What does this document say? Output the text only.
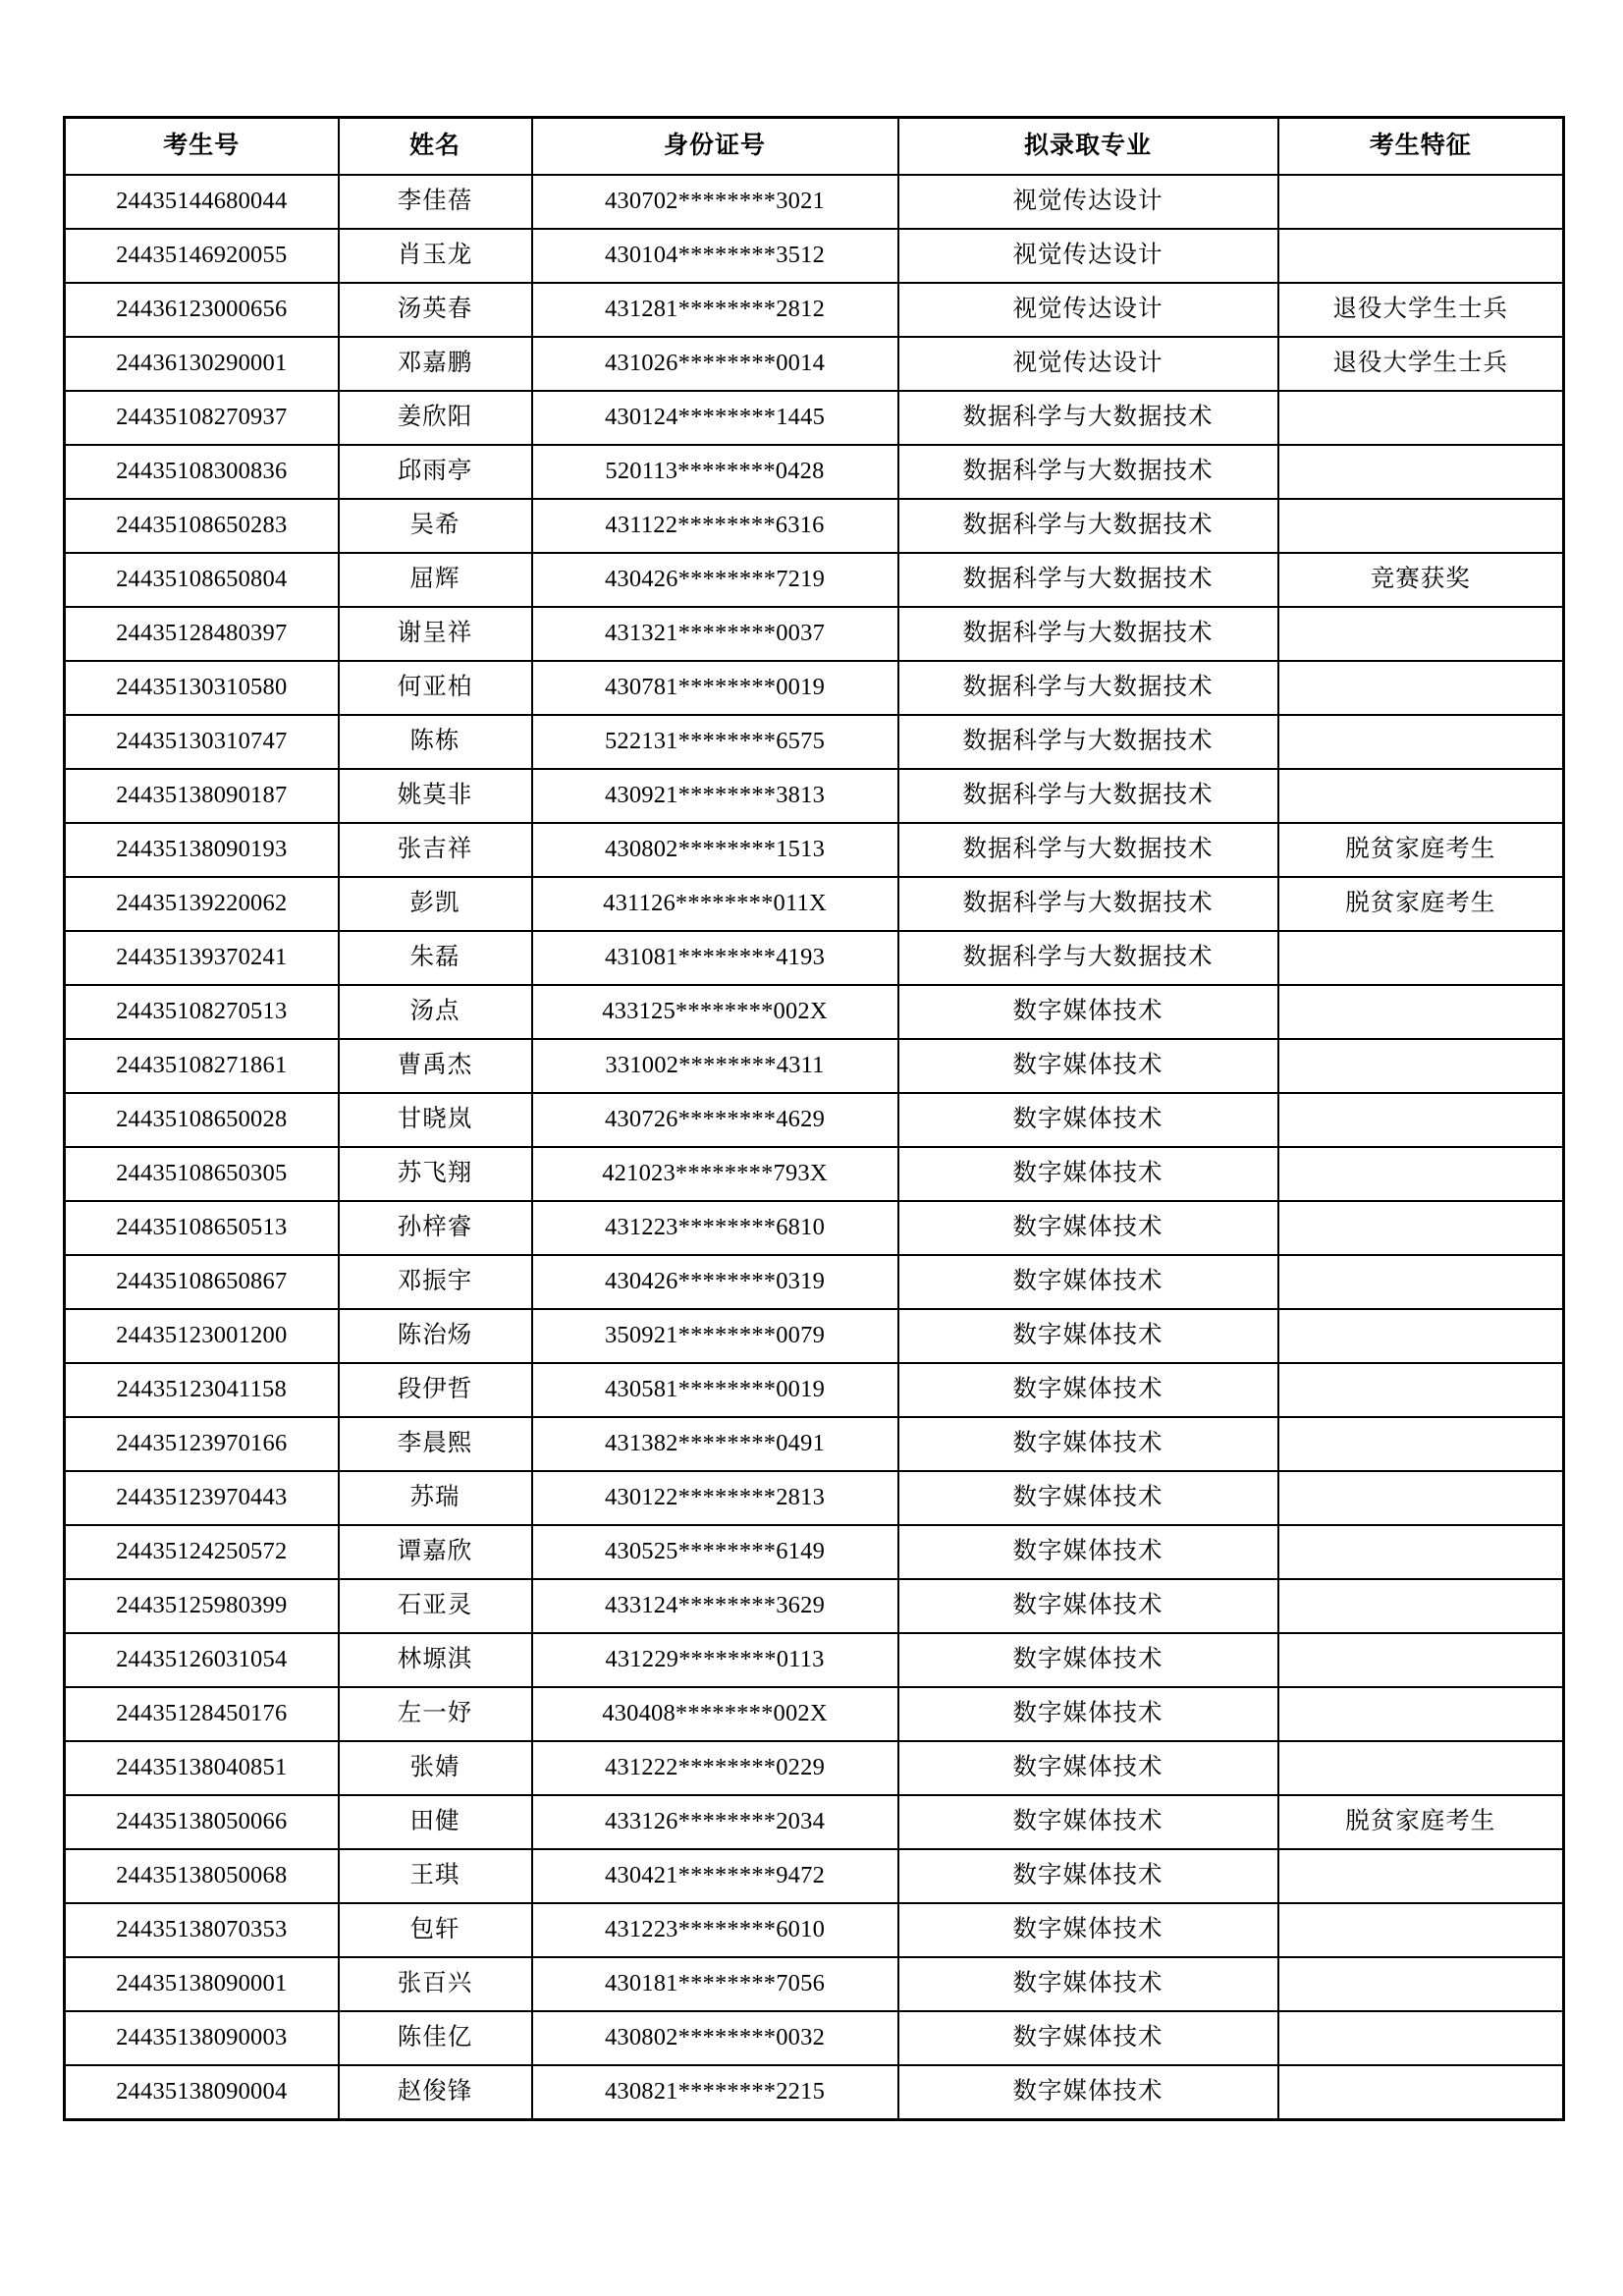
考生号	姓名	身份证号	拟录取专业	考生特征
24435144680044	李佳蓓	430702********3021	视觉传达设计	
24435146920055	肖玉龙	430104********3512	视觉传达设计	
24436123000656	汤英春	431281********2812	视觉传达设计	退役大学生士兵
24436130290001	邓嘉鹏	431026********0014	视觉传达设计	退役大学生士兵
24435108270937	姜欣阳	430124********1445	数据科学与大数据技术	
24435108300836	邱雨亭	520113********0428	数据科学与大数据技术	
24435108650283	吴希	431122********6316	数据科学与大数据技术	
24435108650804	屈辉	430426********7219	数据科学与大数据技术	竞赛获奖
24435128480397	谢呈祥	431321********0037	数据科学与大数据技术	
24435130310580	何亚柏	430781********0019	数据科学与大数据技术	
24435130310747	陈栋	522131********6575	数据科学与大数据技术	
24435138090187	姚莫非	430921********3813	数据科学与大数据技术	
24435138090193	张吉祥	430802********1513	数据科学与大数据技术	脱贫家庭考生
24435139220062	彭凯	431126********011X	数据科学与大数据技术	脱贫家庭考生
24435139370241	朱磊	431081********4193	数据科学与大数据技术	
24435108270513	汤点	433125********002X	数字媒体技术	
24435108271861	曹禹杰	331002********4311	数字媒体技术	
24435108650028	甘晓岚	430726********4629	数字媒体技术	
24435108650305	苏飞翔	421023********793X	数字媒体技术	
24435108650513	孙梓睿	431223********6810	数字媒体技术	
24435108650867	邓振宇	430426********0319	数字媒体技术	
24435123001200	陈治炀	350921********0079	数字媒体技术	
24435123041158	段伊哲	430581********0019	数字媒体技术	
24435123970166	李晨熙	431382********0491	数字媒体技术	
24435123970443	苏瑞	430122********2813	数字媒体技术	
24435124250572	谭嘉欣	430525********6149	数字媒体技术	
24435125980399	石亚灵	433124********3629	数字媒体技术	
24435126031054	林塬淇	431229********0113	数字媒体技术	
24435128450176	左一妤	430408********002X	数字媒体技术	
24435138040851	张婧	431222********0229	数字媒体技术	
24435138050066	田健	433126********2034	数字媒体技术	脱贫家庭考生
24435138050068	王琪	430421********9472	数字媒体技术	
24435138070353	包轩	431223********6010	数字媒体技术	
24435138090001	张百兴	430181********7056	数字媒体技术	
24435138090003	陈佳亿	430802********0032	数字媒体技术	
24435138090004	赵俊锋	430821********2215	数字媒体技术	
